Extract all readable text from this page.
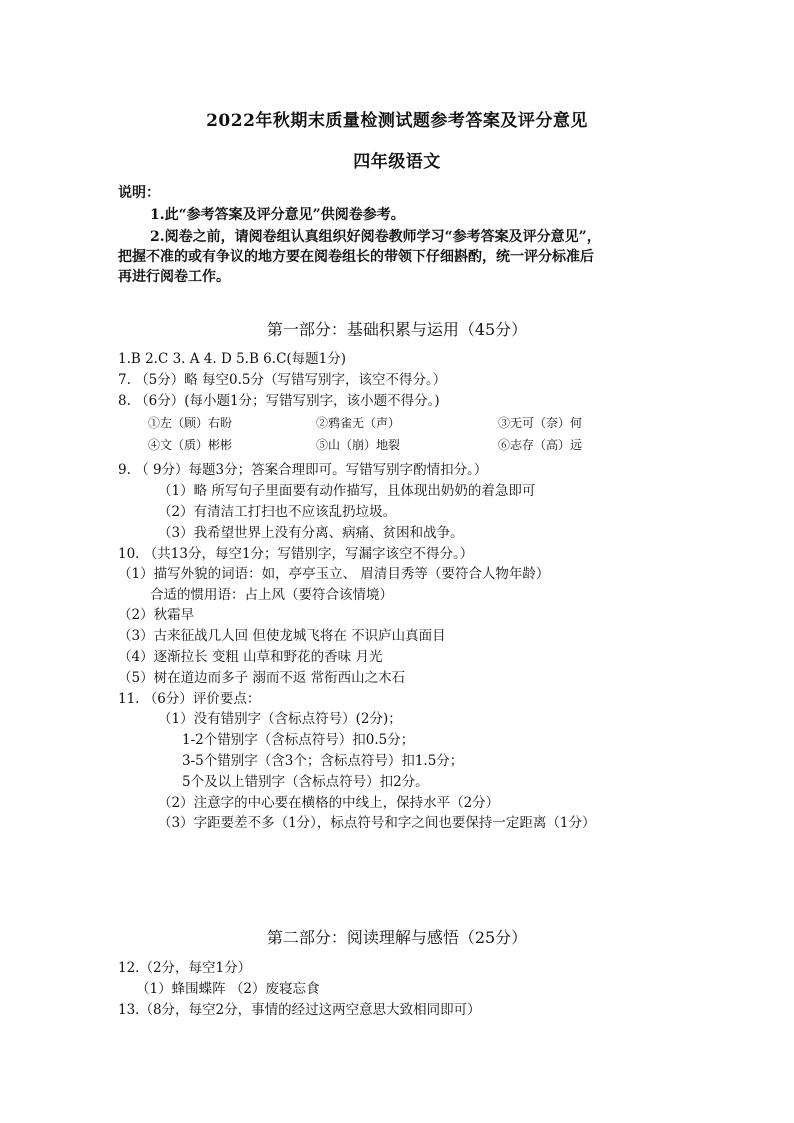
2022年秋期末质量检测试题参考答案及评分意见
四年级语文
说明：
1.此“参考答案及评分意见”供阅卷参考。
2.阅卷之前，请阅卷组认真组织好阅卷教师学习“参考答案及评分意见”，
把握不准的或有争议的地方要在阅卷组长的带领下仔细斟酌，统一评分标准后
再进行阅卷工作。
第一部分：基础积累与运用（45分）
1.B 2.C 3. A 4. D 5.B 6.C(每题1分)
7. （5分）略 每空0.5分（写错写别字，该空不得分。）
8. （6分）(每小题1分；写错写别字，该小题不得分。)
①左（顾）右盼	②鸦雀无（声）	③无可（奈）何
④文（质）彬彬	⑤山（崩）地裂	⑥志存（高）远
9. （ 9分）每题3分；答案合理即可。写错写别字酌情扣分。）
（1）略 所写句子里面要有动作描写，且体现出奶奶的着急即可
（2）有清洁工打扫也不应该乱扔垃圾。
（3）我希望世界上没有分离、病痛、贫困和战争。
10. （共13分，每空1分；写错别字，写漏字该空不得分。）
（1）描写外貌的词语：如，亭亭玉立、 眉清目秀等（要符合人物年龄）
合适的惯用语：占上风（要符合该情境）
（2）秋霜早
（3）古来征战几人回 但使龙城飞将在 不识庐山真面目
（4）逐渐拉长 变粗 山草和野花的香味 月光
（5）树在道边而多子 溺而不返 常衔西山之木石
11. （6分）评价要点：
（1）没有错别字（含标点符号）(2分)；
1-2个错别字（含标点符号）扣0.5分；
3-5个错别字（含3个；含标点符号）扣1.5分；
5个及以上错别字（含标点符号）扣2分。
（2）注意字的中心要在横格的中线上，保持水平（2分）
（3）字距要差不多（1分），标点符号和字之间也要保持一定距离（1分）
第二部分：阅读理解与感悟（25分）
12.（2分，每空1分）
（1）蜂围蝶阵 （2）废寝忘食
13.（8分，每空2分，事情的经过这两空意思大致相同即可）
